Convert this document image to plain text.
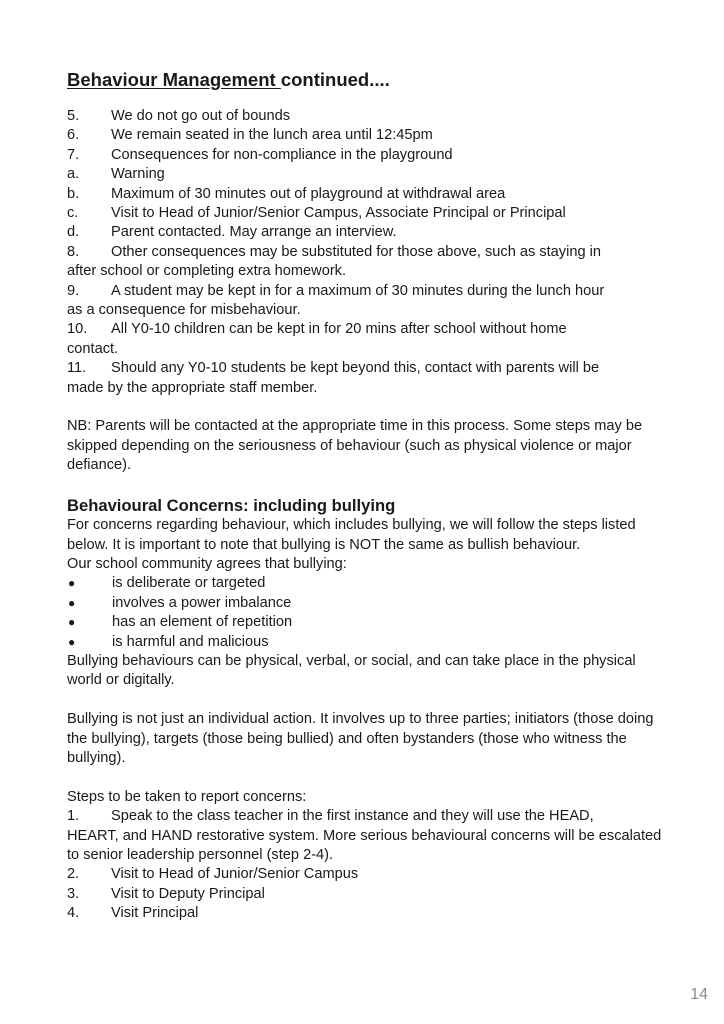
Behaviour Management continued....
5.	We do not go out of bounds
6.	We remain seated in the lunch area until 12:45pm
7.	Consequences for non-compliance in the playground
a.	Warning
b.	Maximum of 30 minutes out of playground at withdrawal area
c.	Visit to Head of Junior/Senior Campus, Associate Principal or Principal
d.	Parent contacted. May arrange an interview.
8.	Other consequences may be substituted for those above, such as staying in
after school or completing extra homework.
9.	A student may be kept in for a maximum of 30 minutes during the lunch hour
as a consequence for misbehaviour.
10.	All Y0-10 children can be kept in for 20 mins after school without home
contact.
11.	Should any Y0-10 students be kept beyond this, contact with parents will be
made by the appropriate staff member.

NB: Parents will be contacted at the appropriate time in this process. Some steps may be skipped depending on the seriousness of behaviour (such as physical violence or major defiance).

Behavioural Concerns: including bullying

For concerns regarding behaviour, which includes bullying, we will follow the steps listed below. It is important to note that bullying is NOT the same as bullish behaviour.

Our school community agrees that bullying:

●	is deliberate or targeted
●	involves a power imbalance
●	has an element of repetition
●	is harmful and malicious

Bullying behaviours can be physical, verbal, or social, and can take place in the physical world or digitally.

Bullying is not just an individual action. It involves up to three parties; initiators (those doing the bullying), targets (those being bullied) and often bystanders (those who witness the bullying).

Steps to be taken to report concerns:

1.	Speak to the class teacher in the first instance and they will use the HEAD,
HEART, and HAND restorative system. More serious behavioural concerns will be escalated to senior leadership personnel (step 2-4).
2.	Visit to Head of Junior/Senior Campus
3.	Visit to Deputy Principal
4.	Visit Principal
14
